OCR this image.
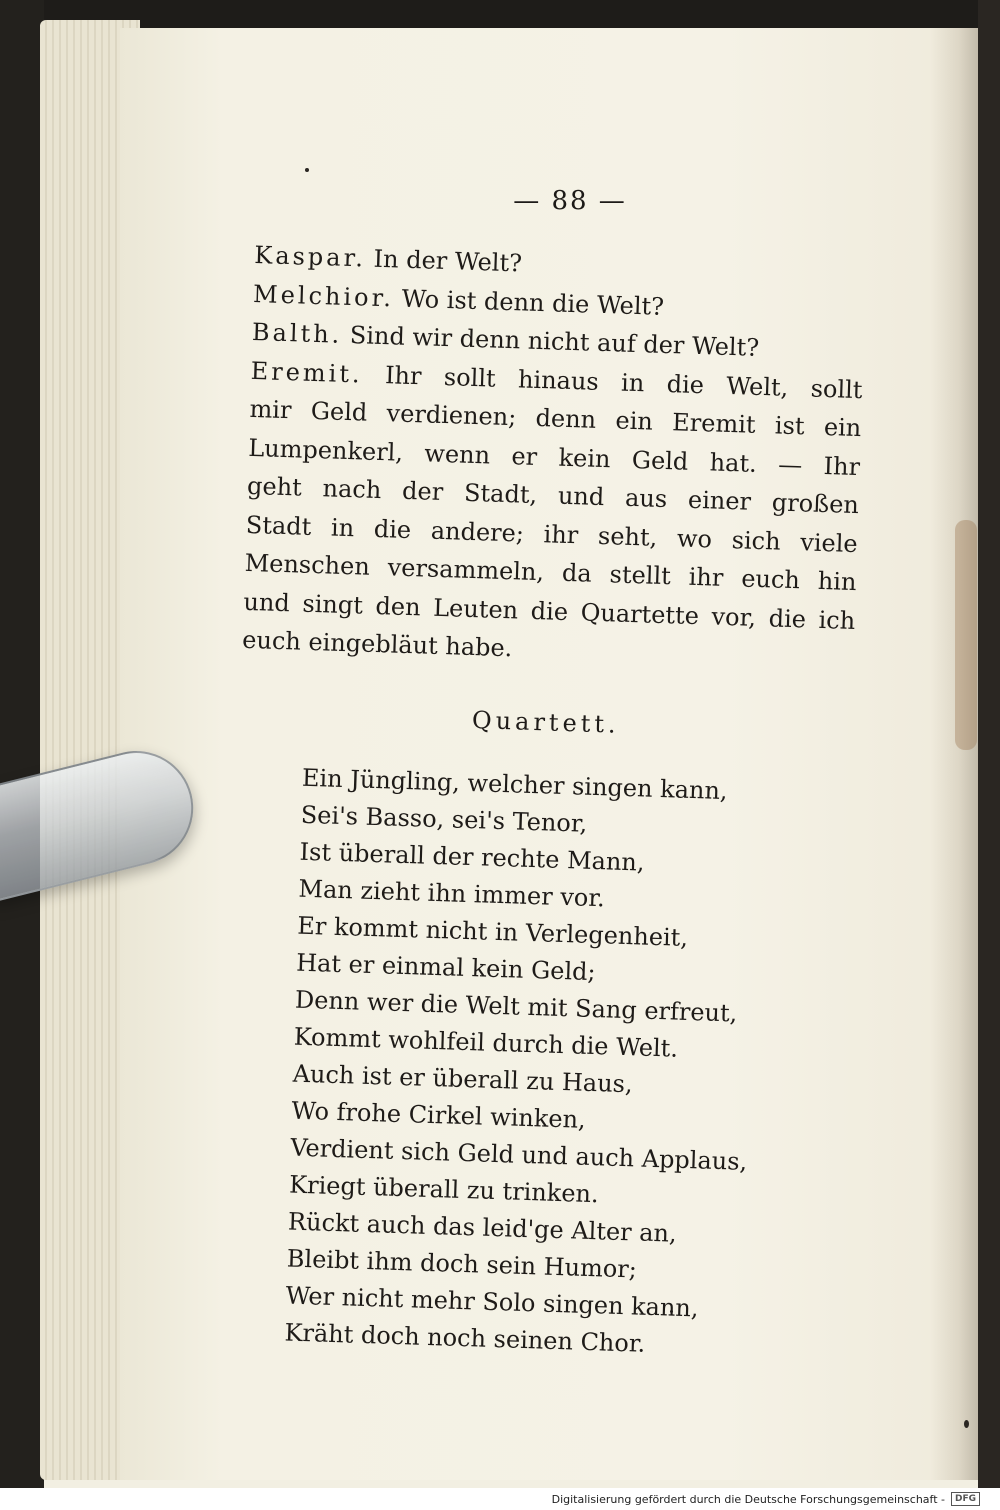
— 88 —
Kaspar. In der Welt?
Melchior. Wo ist denn die Welt?
Balth. Sind wir denn nicht auf der Welt?
Eremit. Ihr sollt hinaus in die Welt, sollt
mir Geld verdienen; denn ein Eremit ist ein
Lumpenkerl, wenn er kein Geld hat. — Ihr
geht nach der Stadt, und aus einer großen
Stadt in die andere; ihr seht, wo sich viele
Menschen versammeln, da stellt ihr euch hin
und singt den Leuten die Quartette vor, die ich
euch eingebläut habe.
Quartett.
Ein Jüngling, welcher singen kann,
Sei's Basso, sei's Tenor,
Ist überall der rechte Mann,
Man zieht ihn immer vor.
Er kommt nicht in Verlegenheit,
Hat er einmal kein Geld;
Denn wer die Welt mit Sang erfreut,
Kommt wohlfeil durch die Welt.
Auch ist er überall zu Haus,
Wo frohe Cirkel winken,
Verdient sich Geld und auch Applaus,
Kriegt überall zu trinken.
Rückt auch das leid'ge Alter an,
Bleibt ihm doch sein Humor;
Wer nicht mehr Solo singen kann,
Kräht doch noch seinen Chor.
Digitalisierung gefördert durch die Deutsche Forschungsgemeinschaft -	DFG
